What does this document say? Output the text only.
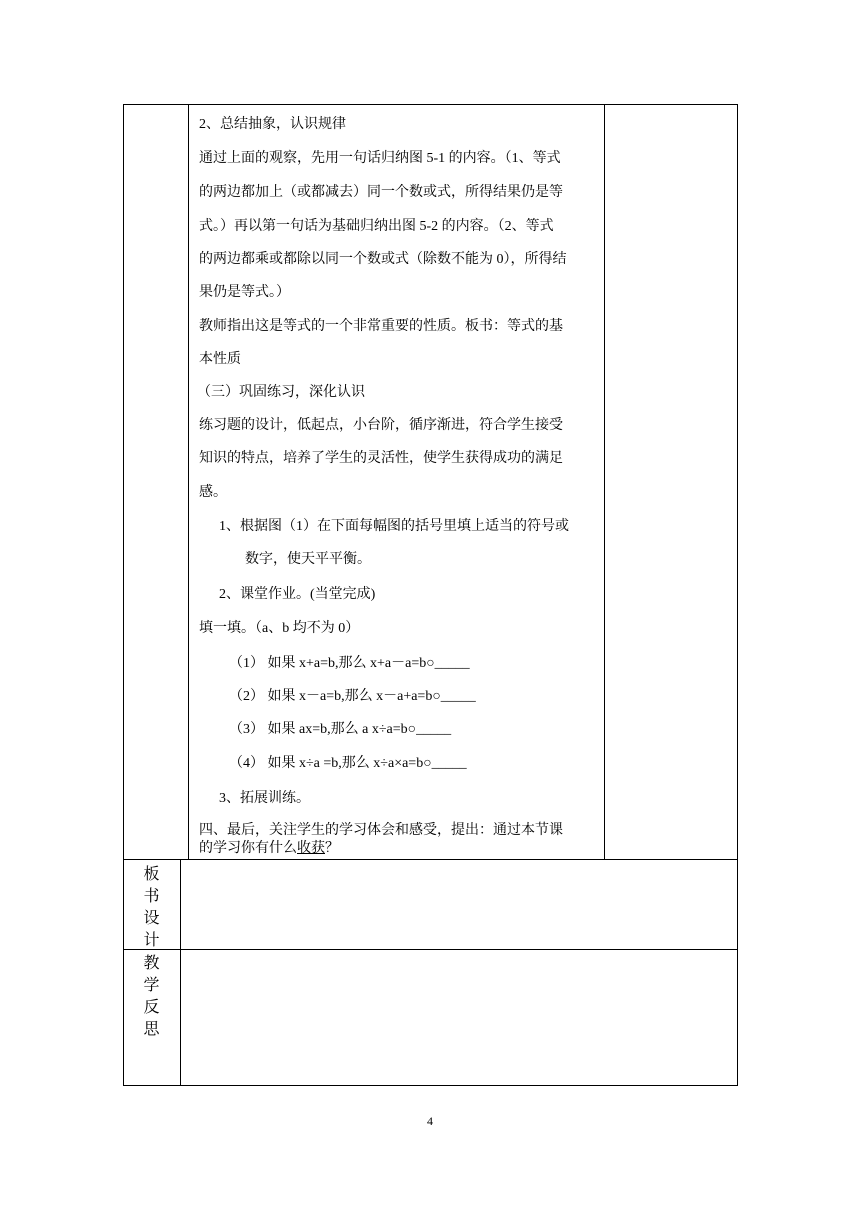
2、总结抽象，认识规律
通过上面的观察，先用一句话归纳图 5-1 的内容。（1、等式
的两边都加上（或都减去）同一个数或式，所得结果仍是等
式。）再以第一句话为基础归纳出图 5-2 的内容。（2、等式
的两边都乘或都除以同一个数或式（除数不能为 0），所得结
果仍是等式。）
教师指出这是等式的一个非常重要的性质。板书：等式的基
本性质
（三）巩固练习，深化认识
练习题的设计，低起点，小台阶，循序渐进，符合学生接受
知识的特点，培养了学生的灵活性，使学生获得成功的满足
感。
1、根据图（1）在下面每幅图的括号里填上适当的符号或
数字，使天平平衡。
2、课堂作业。(当堂完成)
填一填。（a、b 均不为 0）
（1） 如果 x+a=b,那么 x+a－a=b○_____
（2） 如果 x－a=b,那么 x－a+a=b○_____
（3） 如果 ax=b,那么 a x÷a=b○_____
（4） 如果 x÷a =b,那么 x÷a×a=b○_____
3、拓展训练。
四、最后，关注学生的学习体会和感受，提出：通过本节课
的学习你有什么收获？
板
书
设
计
教
学
反
思
4
